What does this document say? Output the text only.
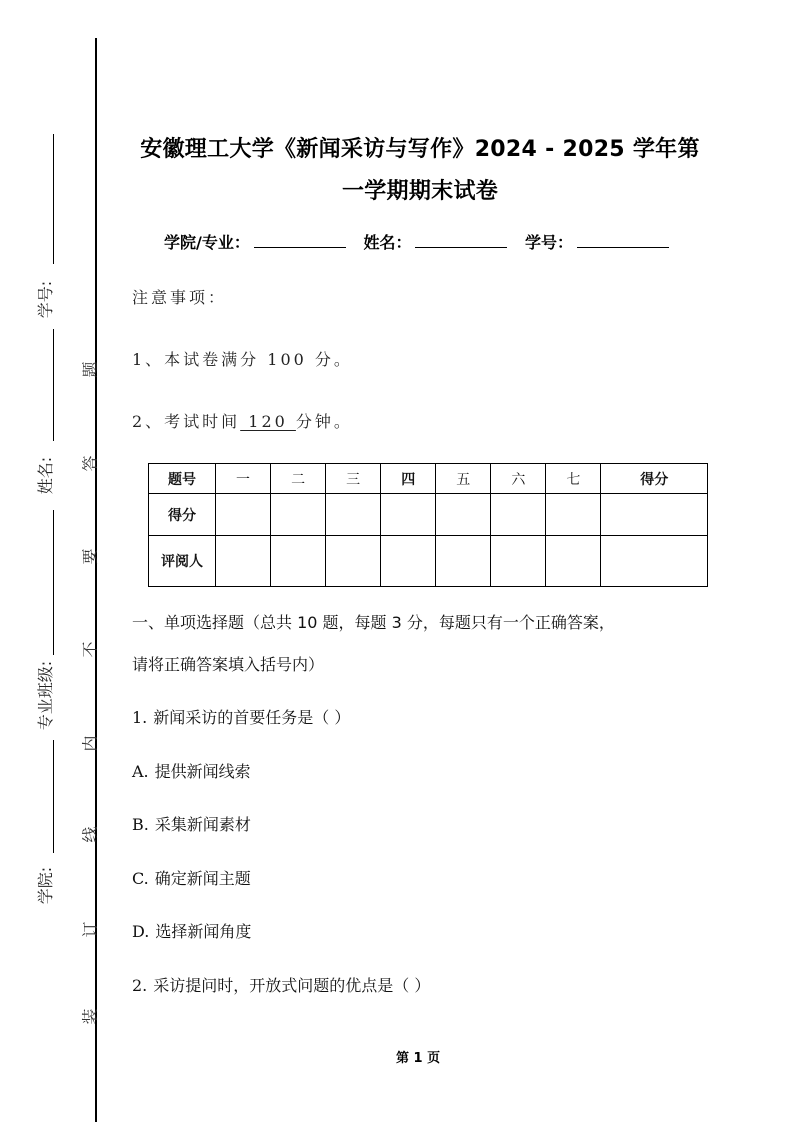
学号:
姓名:
专业班级:
学院:
题
答
要
不
内
线
订
装
安徽理工大学《新闻采访与写作》2024 - 2025 学年第
一学期期末试卷
学院/专业：	姓名：	学号：
注意事项：
1、本试卷满分 100 分。
2、考试时间 120 分钟。
题号	一	二	三	四	五	六	七	得分
得分								
评阅人								
一、单项选择题（总共 10 题，每题 3 分，每题只有一个正确答案，
请将正确答案填入括号内）
1. 新闻采访的首要任务是（ ）
A. 提供新闻线索
B. 采集新闻素材
C. 确定新闻主题
D. 选择新闻角度
2. 采访提问时，开放式问题的优点是（ ）
第 1 页
